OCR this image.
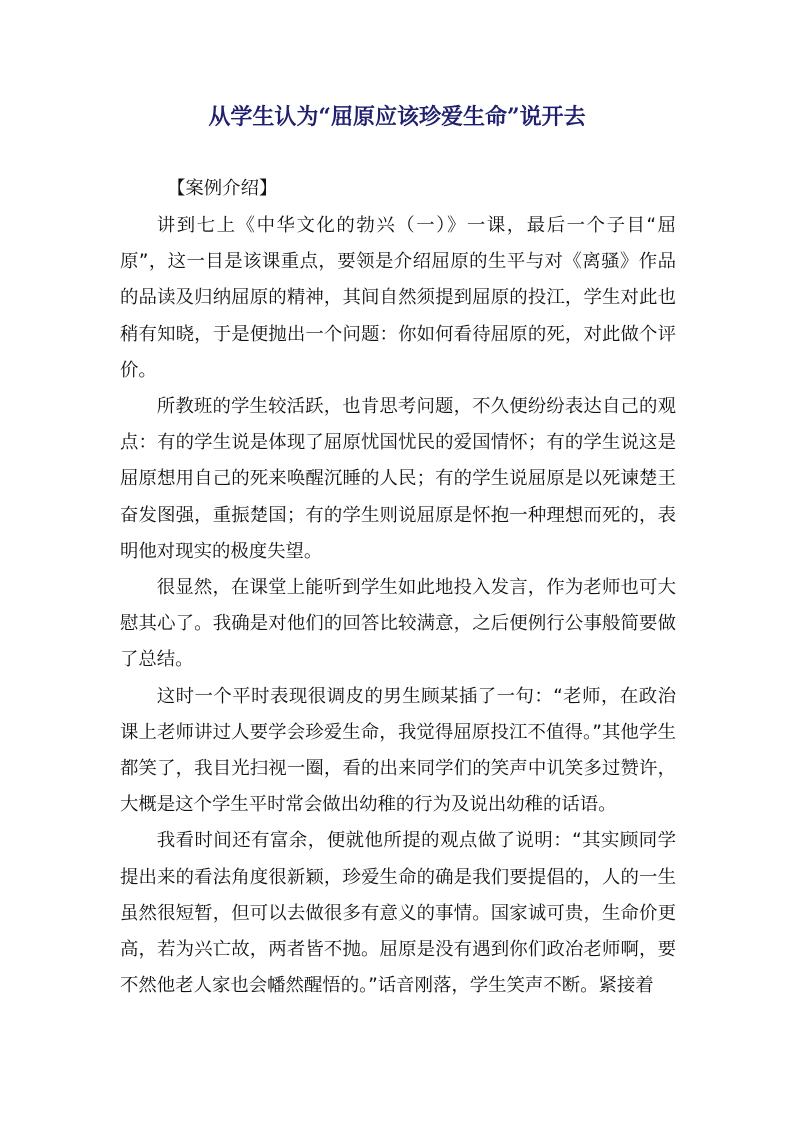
从学生认为“屈原应该珍爱生命”说开去

【案例介绍】

讲到七上《中华文化的勃兴（一）》一课，最后一个子目“屈原”，这一目是该课重点，要领是介绍屈原的生平与对《离骚》作品的品读及归纳屈原的精神，其间自然须提到屈原的投江，学生对此也稍有知晓，于是便抛出一个问题：你如何看待屈原的死，对此做个评价。

所教班的学生较活跃，也肯思考问题，不久便纷纷表达自己的观点：有的学生说是体现了屈原忧国忧民的爱国情怀；有的学生说这是屈原想用自己的死来唤醒沉睡的人民；有的学生说屈原是以死谏楚王奋发图强，重振楚国；有的学生则说屈原是怀抱一种理想而死的，表明他对现实的极度失望。

很显然，在课堂上能听到学生如此地投入发言，作为老师也可大慰其心了。我确是对他们的回答比较满意，之后便例行公事般简要做了总结。

这时一个平时表现很调皮的男生顾某插了一句：“老师，在政治课上老师讲过人要学会珍爱生命，我觉得屈原投江不值得。”其他学生都笑了，我目光扫视一圈，看的出来同学们的笑声中讥笑多过赞许，大概是这个学生平时常会做出幼稚的行为及说出幼稚的话语。

我看时间还有富余，便就他所提的观点做了说明：“其实顾同学提出来的看法角度很新颖，珍爱生命的确是我们要提倡的，人的一生虽然很短暂，但可以去做很多有意义的事情。国家诚可贵，生命价更高，若为兴亡故，两者皆不抛。屈原是没有遇到你们政冶老师啊，要不然他老人家也会幡然醒悟的。”话音刚落，学生笑声不断。紧接着
